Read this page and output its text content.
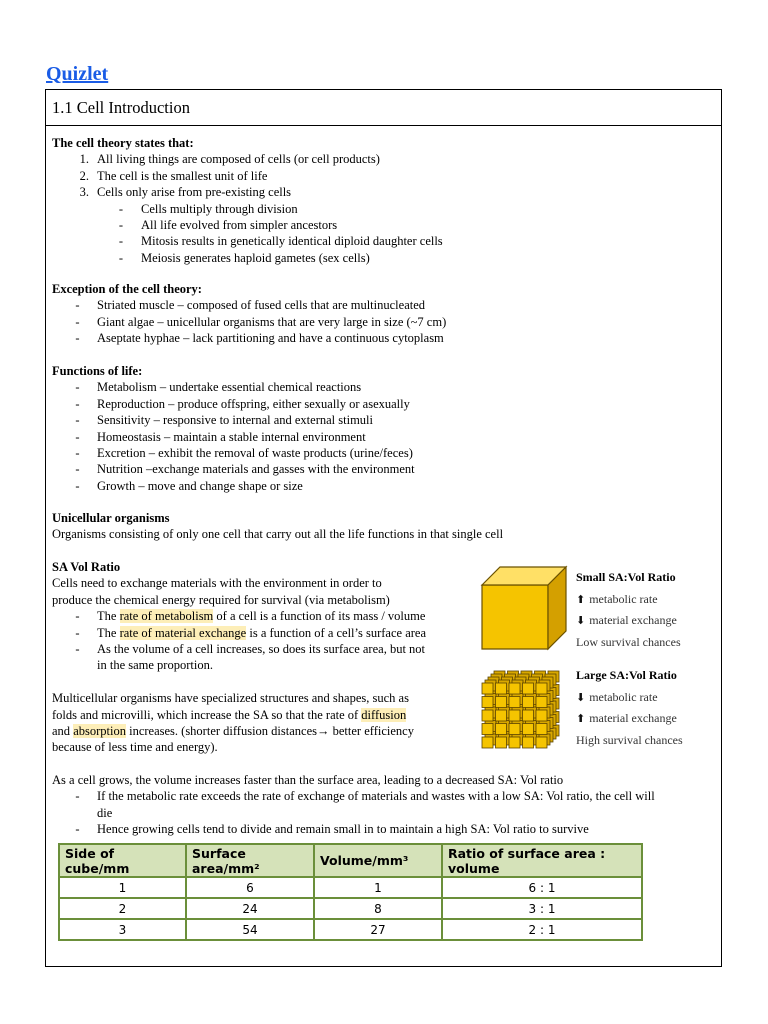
Quizlet
1.1 Cell Introduction
The cell theory states that:
1. All living things are composed of cells (or cell products)
2. The cell is the smallest unit of life
3. Cells only arise from pre-existing cells
- Cells multiply through division
- All life evolved from simpler ancestors
- Mitosis results in genetically identical diploid daughter cells
- Meiosis generates haploid gametes (sex cells)
Exception of the cell theory:
- Striated muscle – composed of fused cells that are multinucleated
- Giant algae – unicellular organisms that are very large in size (~7 cm)
- Aseptate hyphae – lack partitioning and have a continuous cytoplasm
Functions of life:
- Metabolism – undertake essential chemical reactions
- Reproduction – produce offspring, either sexually or asexually
- Sensitivity – responsive to internal and external stimuli
- Homeostasis – maintain a stable internal environment
- Excretion – exhibit the removal of waste products (urine/feces)
- Nutrition –exchange materials and gasses with the environment
- Growth – move and change shape or size
Unicellular organisms
Organisms consisting of only one cell that carry out all the life functions in that single cell
SA Vol Ratio
Cells need to exchange materials with the environment in order to
produce the chemical energy required for survival (via metabolism)
- The rate of metabolism of a cell is a function of its mass / volume
- The rate of material exchange is a function of a cell’s surface area
- As the volume of a cell increases, so does its surface area, but not
in the same proportion.
Multicellular organisms have specialized structures and shapes, such as
folds and microvilli, which increase the SA so that the rate of diffusion
and absorption increases. (shorter diffusion distances→ better efficiency
because of less time and energy).
As a cell grows, the volume increases faster than the surface area, leading to a decreased SA: Vol ratio
- If the metabolic rate exceeds the rate of exchange of materials and wastes with a low SA: Vol ratio, the cell will
die
- Hence growing cells tend to divide and remain small in to maintain a high SA: Vol ratio to survive
Small SA:Vol Ratio
⬆ metabolic rate
⬇ material exchange
Low survival chances
Large SA:Vol Ratio
⬇ metabolic rate
⬆ material exchange
High survival chances
Side of cube/mm	Surface area/mm²	Volume/mm³	Ratio of surface area : volume
1	6	1	6 : 1
2	24	8	3 : 1
3	54	27	2 : 1
